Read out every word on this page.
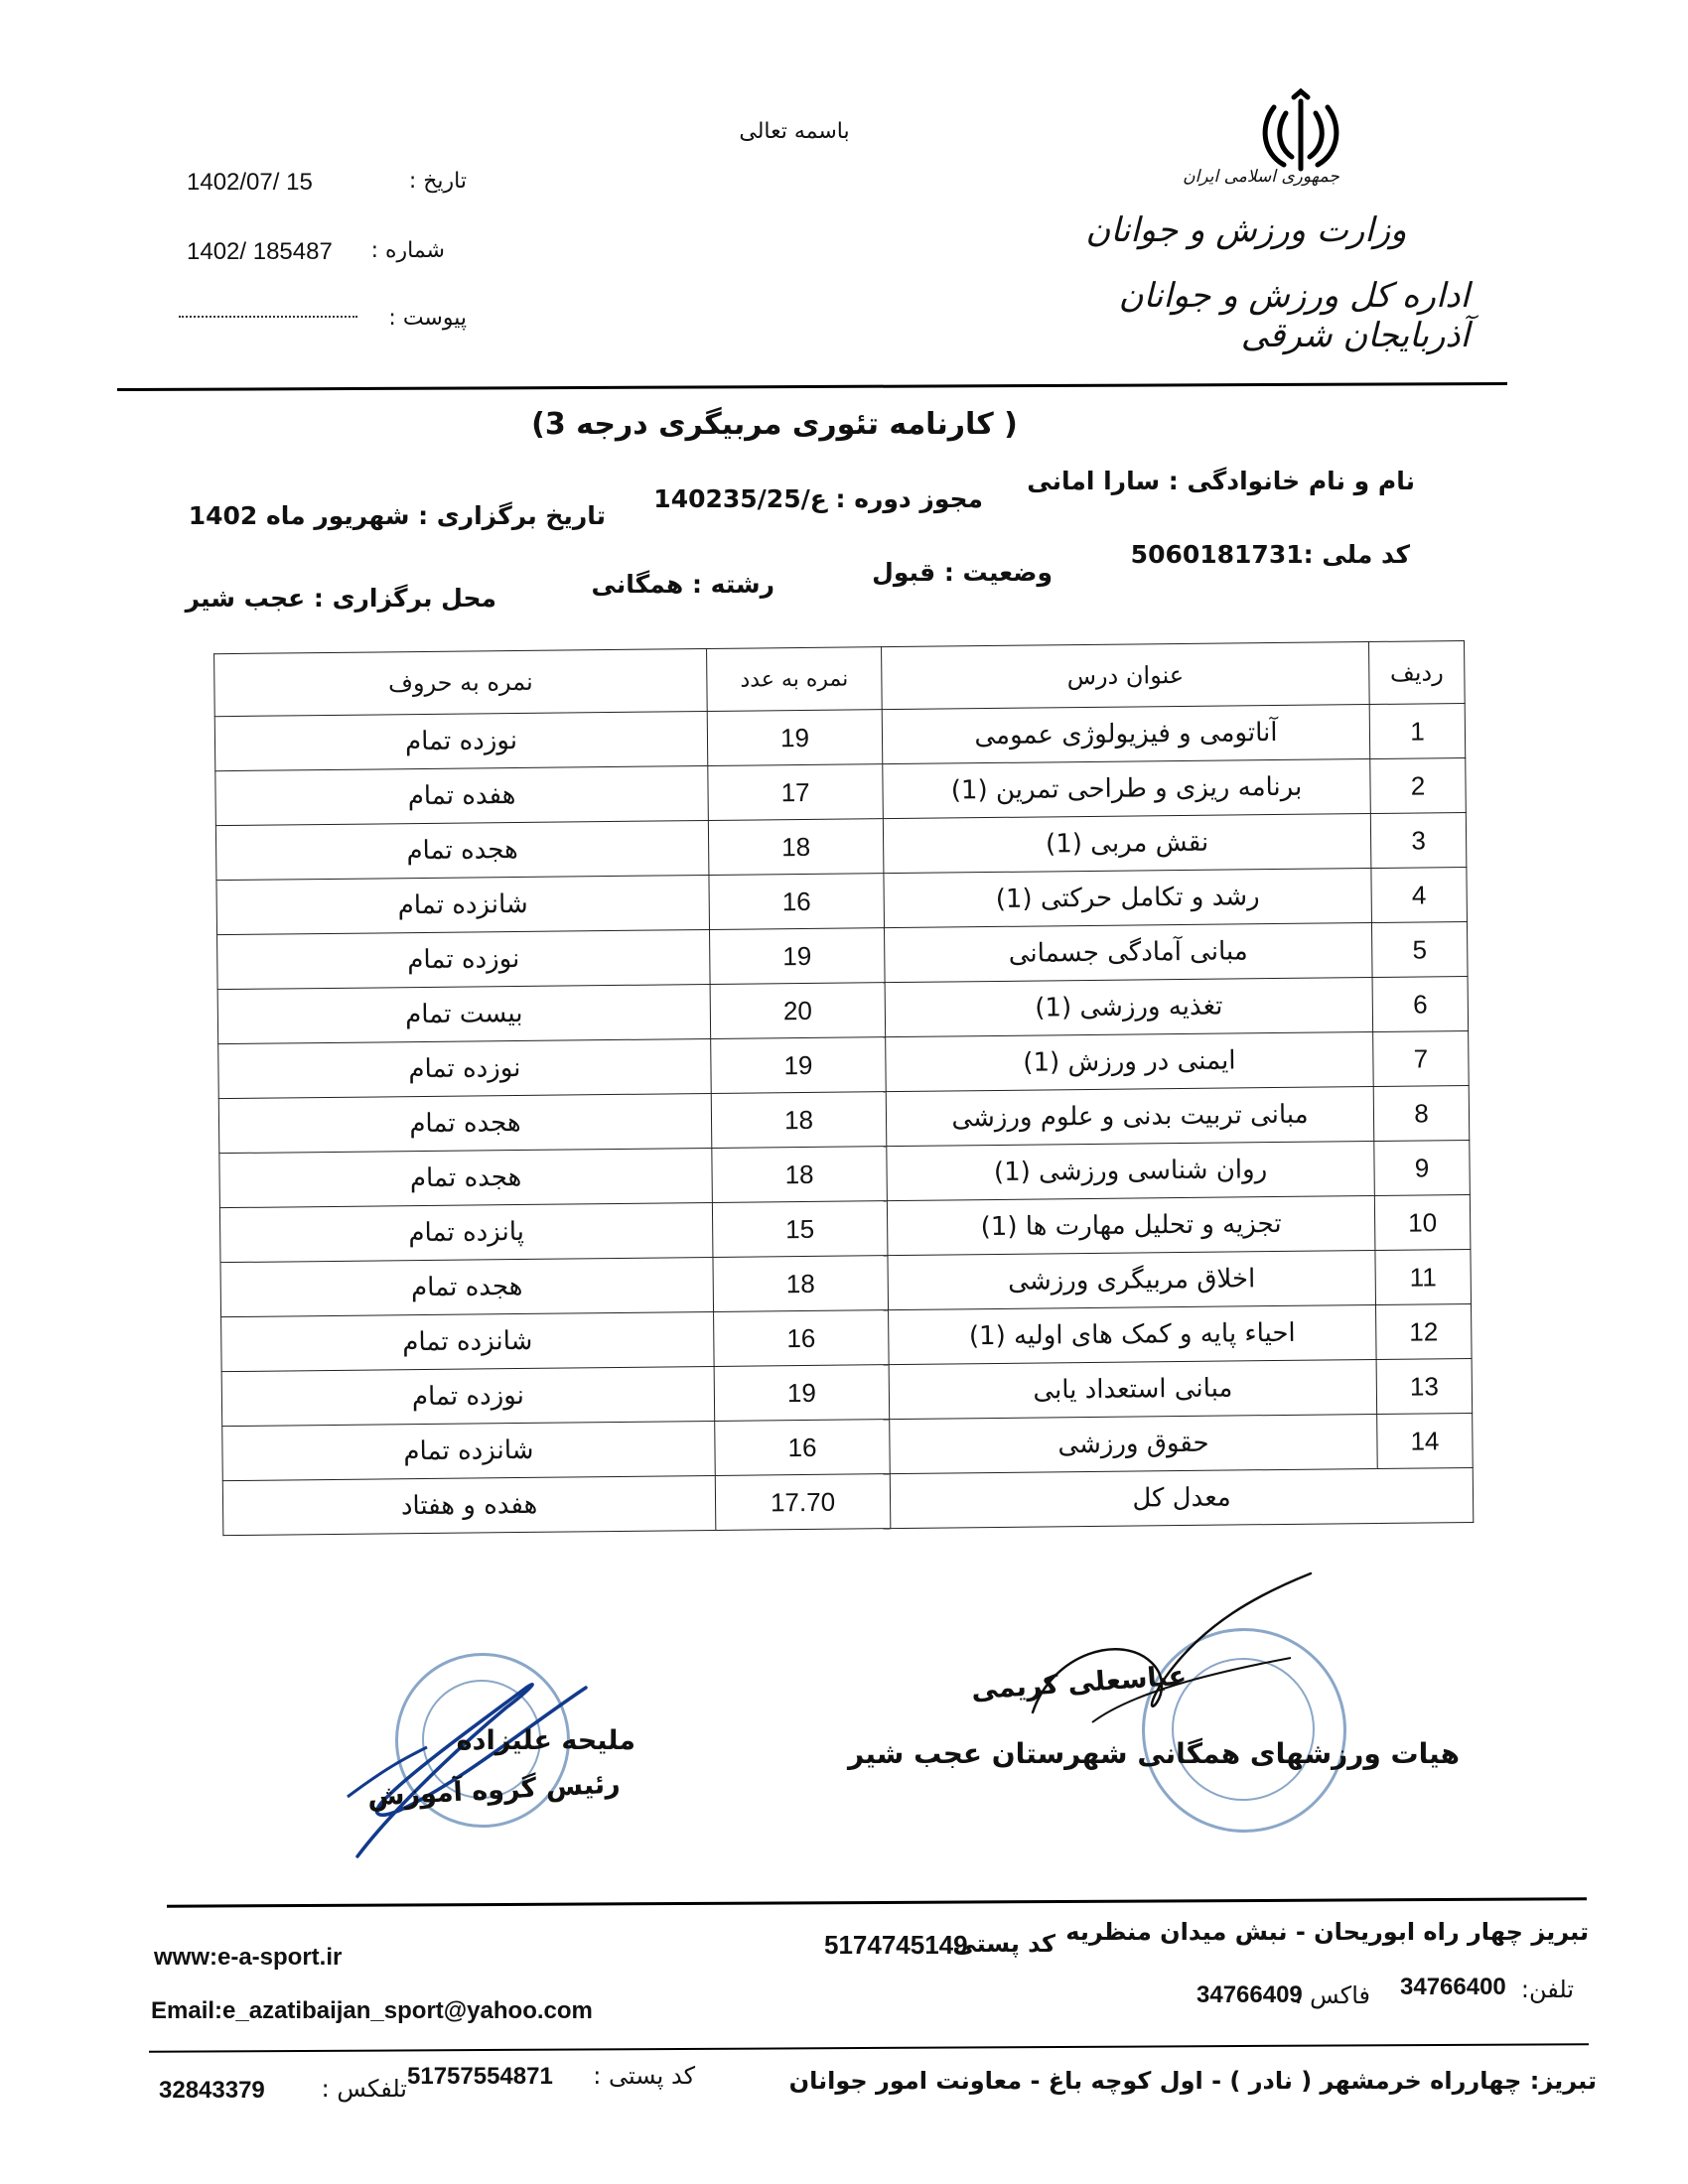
باسمه تعالی
تاریخ :
1402/07/ 15
شماره :
1402/ 185487
پیوست :
جمهوری اسلامی ایران
وزارت ورزش و جوانان
اداره کل ورزش و جوانان آذربایجان شرقی
( کارنامه تئوری مربیگری درجه 3)
نام و نام خانوادگی : سارا امانی
مجوز دوره : ع/140235/25
تاریخ برگزاری : شهریور ماه 1402
کد ملی :5060181731
وضعیت : قبول
رشته : همگانی
محل برگزاری : عجب شیر
ردیف	عنوان درس	نمره به عدد	نمره به حروف
1	آناتومی و فیزیولوژی عمومی	19	نوزده تمام
2	برنامه ریزی و طراحی تمرین (1)	17	هفده تمام
3	نقش مربی (1)	18	هجده تمام
4	رشد و تکامل حرکتی (1)	16	شانزده تمام
5	مبانی آمادگی جسمانی	19	نوزده تمام
6	تغذیه ورزشی (1)	20	بیست تمام
7	ایمنی در ورزش (1)	19	نوزده تمام
8	مبانی تربیت بدنی و علوم ورزشی	18	هجده تمام
9	روان شناسی ورزشی (1)	18	هجده تمام
10	تجزیه و تحلیل مهارت ها (1)	15	پانزده تمام
11	اخلاق مربیگری ورزشی	18	هجده تمام
12	احیاء پایه و کمک های اولیه (1)	16	شانزده تمام
13	مبانی استعداد یابی	19	نوزده تمام
14	حقوق ورزشی	16	شانزده تمام
معدل کل		17.70	هفده و هفتاد
ملیحه علیزاده
رئیس گروه آموزش
عباسعلی کریمی
هیات ورزشهای همگانی شهرستان عجب شیر
تبریز چهار راه ابوریحان - نبش میدان منظریه
کد پستی
5174745149
تلفن:
34766400
فاکس :
34766409
www:e-a-sport.ir
Email:e_azatibaijan_sport@yahoo.com
تبریز: چهارراه خرمشهر ( نادر ) - اول کوچه باغ - معاونت امور جوانان
کد پستی :
51757554871
تلفکس :
32843379
